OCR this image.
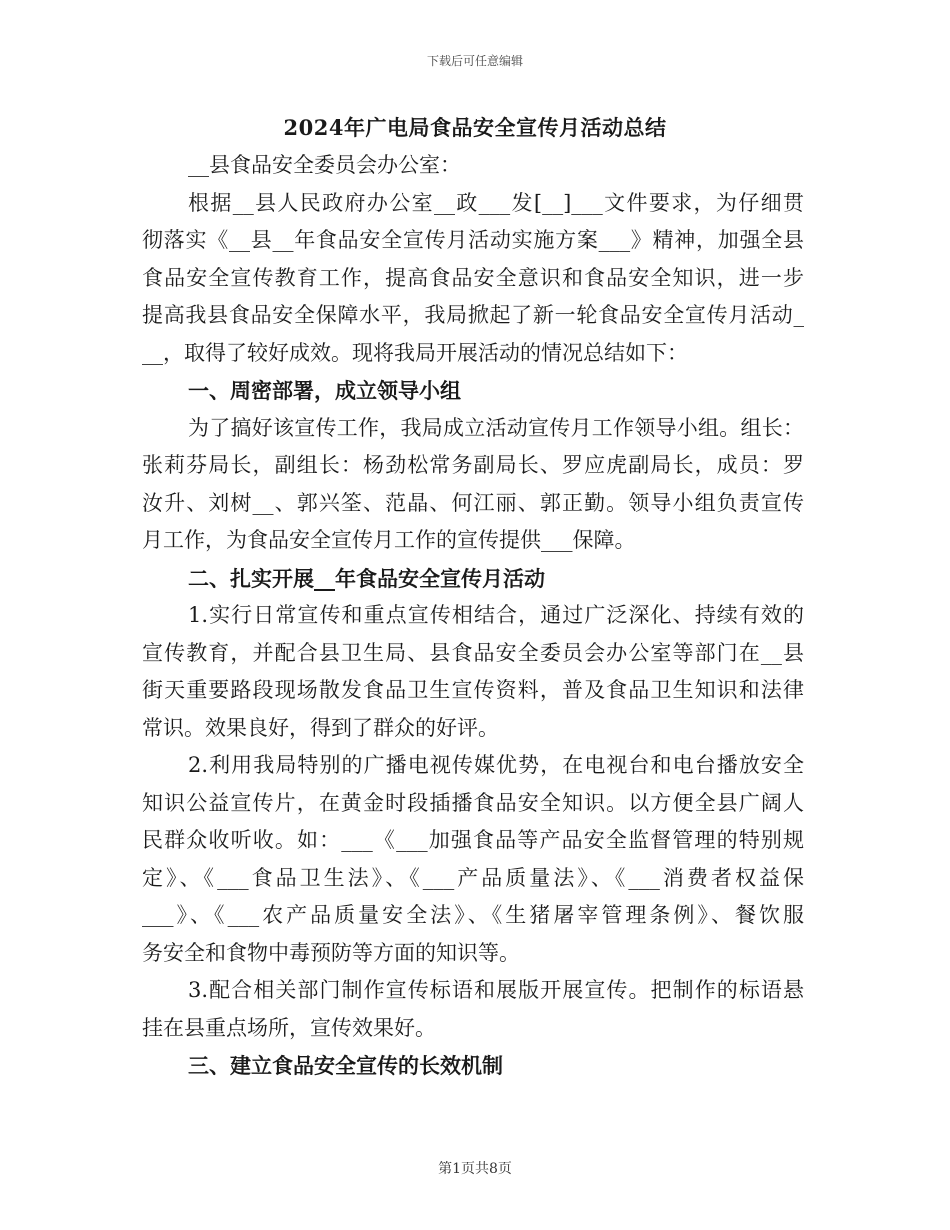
下载后可任意编辑
2024年广电局食品安全宣传月活动总结
__县食品安全委员会办公室：
根据__县人民政府办公室__政___发[__]___文件要求，为仔细贯
彻落实《__县__年食品安全宣传月活动实施方案___》精神，加强全县
食品安全宣传教育工作，提高食品安全意识和食品安全知识，进一步
提高我县食品安全保障水平，我局掀起了新一轮食品安全宣传月活动_
__，取得了较好成效。现将我局开展活动的情况总结如下：
一、周密部署，成立领导小组
为了搞好该宣传工作，我局成立活动宣传月工作领导小组。组长：
张莉芬局长，副组长：杨劲松常务副局长、罗应虎副局长，成员：罗
汝升、刘树__、郭兴筌、范晶、何江丽、郭正勤。领导小组负责宣传
月工作，为食品安全宣传月工作的宣传提供___保障。
二、扎实开展__年食品安全宣传月活动
1.实行日常宣传和重点宣传相结合，通过广泛深化、持续有效的
宣传教育，并配合县卫生局、县食品安全委员会办公室等部门在__县
街天重要路段现场散发食品卫生宣传资料，普及食品卫生知识和法律
常识。效果良好，得到了群众的好评。
2.利用我局特别的广播电视传媒优势，在电视台和电台播放安全
知识公益宣传片，在黄金时段插播食品安全知识。以方便全县广阔人
民群众收听收。如：___《___加强食品等产品安全监督管理的特别规
定》、《___食品卫生法》、《___产品质量法》、《___消费者权益保
___》、《___农产品质量安全法》、《生猪屠宰管理条例》、餐饮服
务安全和食物中毒预防等方面的知识等。
3.配合相关部门制作宣传标语和展版开展宣传。把制作的标语悬
挂在县重点场所，宣传效果好。
三、建立食品安全宣传的长效机制
第1页共8页
